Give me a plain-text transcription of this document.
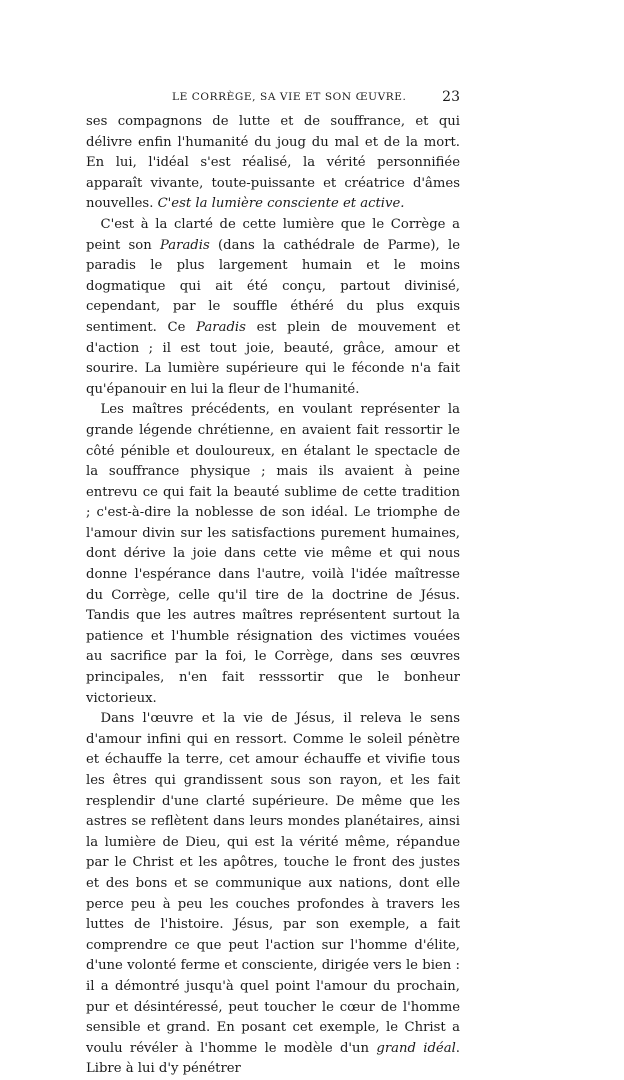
LE CORRÈGE, SA VIE ET SON ŒUVRE.	23

ses compagnons de lutte et de souffrance, et qui délivre enfin l'humanité du joug du mal et de la mort. En lui, l'idéal s'est réalisé, la vérité personnifiée apparaît vivante, toute-puissante et créatrice d'âmes nouvelles. C'est la lumière consciente et active.

C'est à la clarté de cette lumière que le Corrège a peint son Paradis (dans la cathédrale de Parme), le paradis le plus largement humain et le moins dogmatique qui ait été conçu, partout divinisé, cependant, par le souffle éthéré du plus exquis sentiment. Ce Paradis est plein de mouvement et d'action ; il est tout joie, beauté, grâce, amour et sourire. La lumière supérieure qui le féconde n'a fait qu'épanouir en lui la fleur de l'humanité.

Les maîtres précédents, en voulant représenter la grande légende chrétienne, en avaient fait ressortir le côté pénible et douloureux, en étalant le spectacle de la souffrance physique ; mais ils avaient à peine entrevu ce qui fait la beauté sublime de cette tradition ; c'est-à-dire la noblesse de son idéal. Le triomphe de l'amour divin sur les satisfactions purement humaines, dont dérive la joie dans cette vie même et qui nous donne l'espérance dans l'autre, voilà l'idée maîtresse du Corrège, celle qu'il tire de la doctrine de Jésus. Tandis que les autres maîtres représentent surtout la patience et l'humble résignation des victimes vouées au sacrifice par la foi, le Corrège, dans ses œuvres principales, n'en fait resssortir que le bonheur victorieux.

Dans l'œuvre et la vie de Jésus, il releva le sens d'amour infini qui en ressort. Comme le soleil pénètre et échauffe la terre, cet amour échauffe et vivifie tous les êtres qui grandissent sous son rayon, et les fait resplendir d'une clarté supérieure. De même que les astres se reflètent dans leurs mondes planétaires, ainsi la lumière de Dieu, qui est la vérité même, répandue par le Christ et les apôtres, touche le front des justes et des bons et se communique aux nations, dont elle perce peu à peu les couches profondes à travers les luttes de l'histoire. Jésus, par son exemple, a fait comprendre ce que peut l'action sur l'homme d'élite, d'une volonté ferme et consciente, dirigée vers le bien : il a démontré jusqu'à quel point l'amour du prochain, pur et désintéressé, peut toucher le cœur de l'homme sensible et grand. En posant cet exemple, le Christ a voulu révéler à l'homme le modèle d'un grand idéal. Libre à lui d'y pénétrer
